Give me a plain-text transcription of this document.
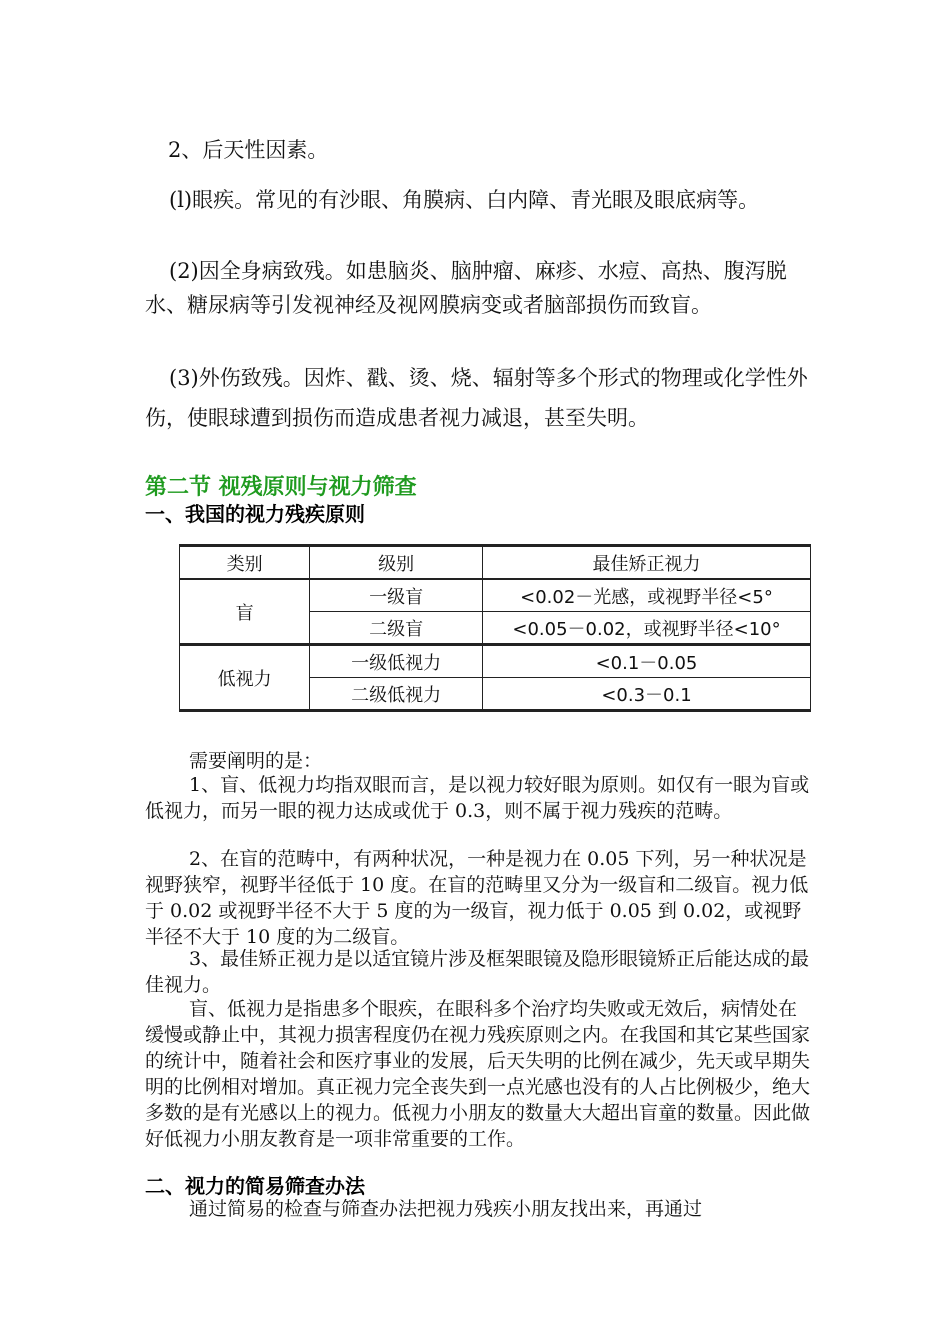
2、后天性因素。

(l)眼疾。常见的有沙眼、角膜病、白内障、青光眼及眼底病等。

(2)因全身病致残。如患脑炎、脑肿瘤、麻疹、水痘、高热、腹泻脱水、糖尿病等引发视神经及视网膜病变或者脑部损伤而致盲。

(3)外伤致残。因炸、戳、烫、烧、辐射等多个形式的物理或化学性外伤，使眼球遭到损伤而造成患者视力减退，甚至失明。

第二节 视残原则与视力筛查

一、我国的视力残疾原则

类别	级别	最佳矫正视力
盲	一级盲	<0.02－光感，或视野半径<5°
	二级盲	<0.05－0.02，或视野半径<10°
低视力	一级低视力	<0.1－0.05
	二级低视力	<0.3－0.1

需要阐明的是：

1、盲、低视力均指双眼而言，是以视力较好眼为原则。如仅有一眼为盲或低视力，而另一眼的视力达成或优于 0.3，则不属于视力残疾的范畴。

2、在盲的范畴中，有两种状况，一种是视力在 0.05 下列，另一种状况是视野狭窄，视野半径低于 10 度。在盲的范畴里又分为一级盲和二级盲。视力低于 0.02 或视野半径不大于 5 度的为一级盲，视力低于 0.05 到 0.02，或视野半径不大于 10 度的为二级盲。

3、最佳矫正视力是以适宜镜片涉及框架眼镜及隐形眼镜矫正后能达成的最佳视力。

盲、低视力是指患多个眼疾，在眼科多个治疗均失败或无效后，病情处在缓慢或静止中，其视力损害程度仍在视力残疾原则之内。在我国和其它某些国家的统计中，随着社会和医疗事业的发展，后天失明的比例在减少，先天或早期失明的比例相对增加。真正视力完全丧失到一点光感也没有的人占比例极少，绝大多数的是有光感以上的视力。低视力小朋友的数量大大超出盲童的数量。因此做好低视力小朋友教育是一项非常重要的工作。

二、视力的简易筛查办法

通过简易的检查与筛查办法把视力残疾小朋友找出来，再通过
